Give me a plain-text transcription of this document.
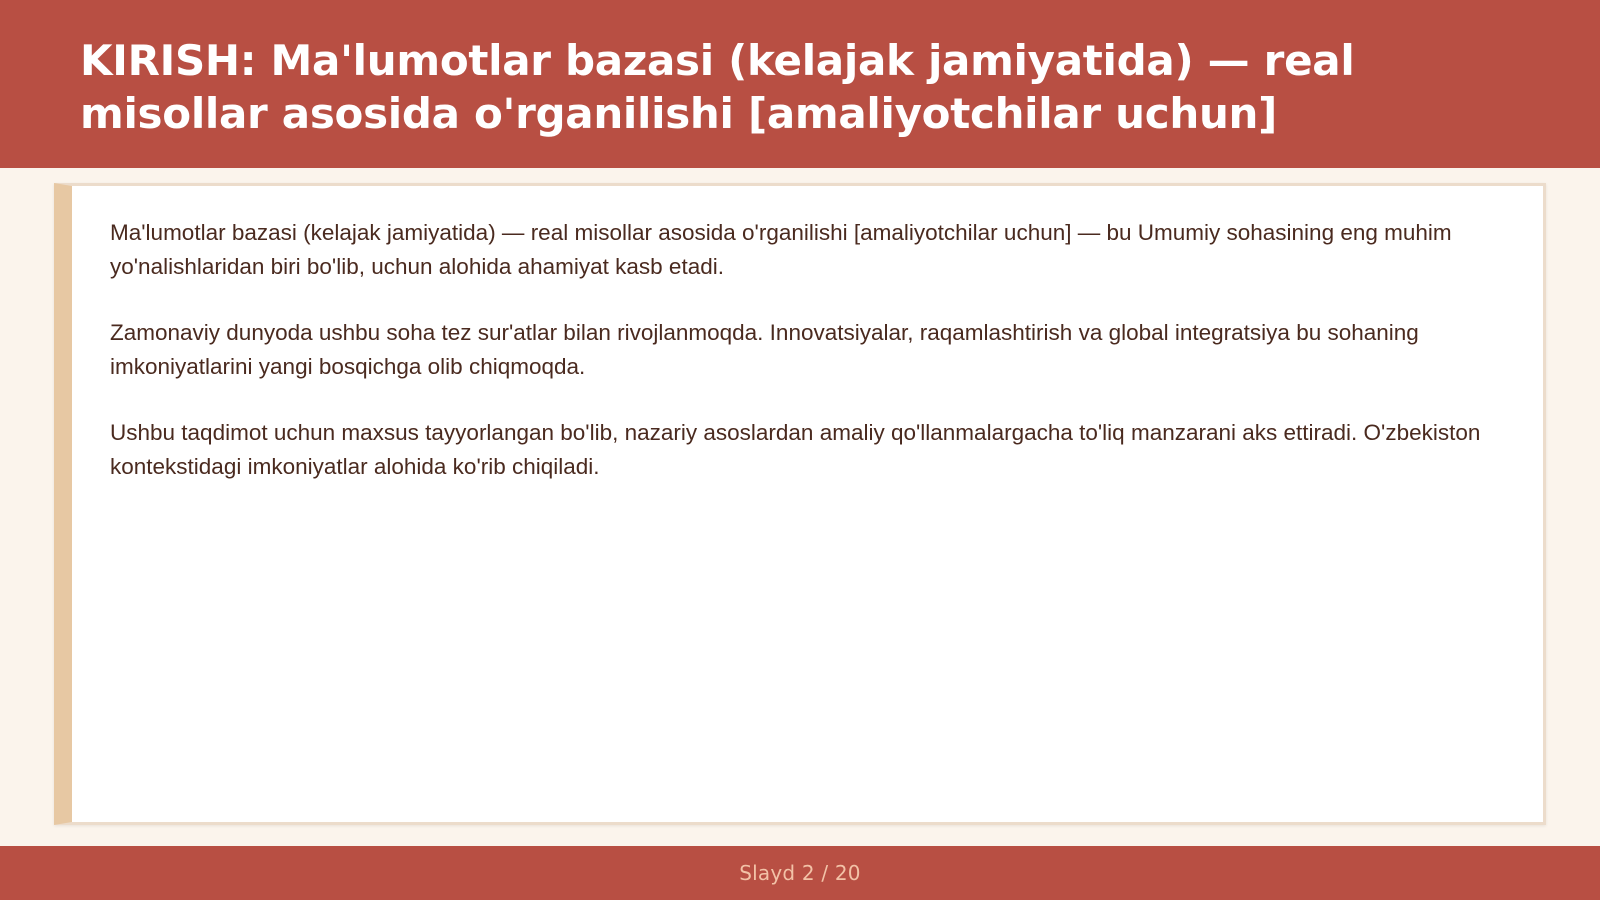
KIRISH: Ma'lumotlar bazasi (kelajak jamiyatida) — real misollar asosida o'rganilishi [amaliyotchilar uchun]

Ma'lumotlar bazasi (kelajak jamiyatida) — real misollar asosida o'rganilishi [amaliyotchilar uchun] — bu Umumiy sohasining eng muhim yo'nalishlaridan biri bo'lib, uchun alohida ahamiyat kasb etadi.

Zamonaviy dunyoda ushbu soha tez sur'atlar bilan rivojlanmoqda. Innovatsiyalar, raqamlashtirish va global integratsiya bu sohaning imkoniyatlarini yangi bosqichga olib chiqmoqda.

Ushbu taqdimot uchun maxsus tayyorlangan bo'lib, nazariy asoslardan amaliy qo'llanmalargacha to'liq manzarani aks ettiradi. O'zbekiston kontekstidagi imkoniyatlar alohida ko'rib chiqiladi.

Slayd 2 / 20
